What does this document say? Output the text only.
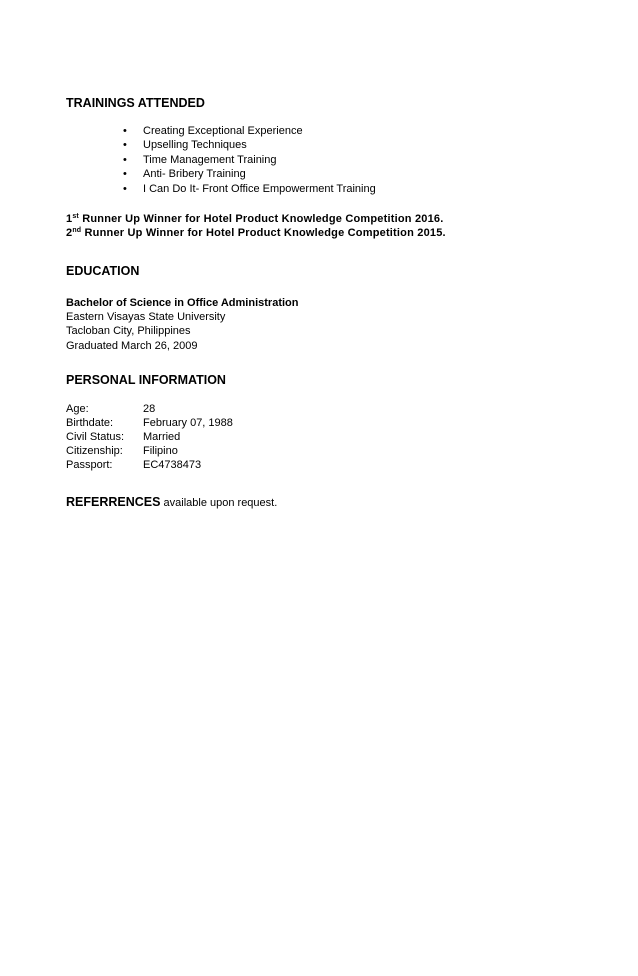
TRAININGS ATTENDED
• Creating Exceptional Experience
• Upselling Techniques
• Time Management Training
• Anti- Bribery Training
• I Can Do It- Front Office Empowerment Training
1st Runner Up Winner for Hotel Product Knowledge Competition 2016.
2nd Runner Up Winner for Hotel Product Knowledge Competition 2015.
EDUCATION
Bachelor of Science in Office Administration
Eastern Visayas State University
Tacloban City, Philippines
Graduated March 26, 2009
PERSONAL INFORMATION
Age:	28
Birthdate:	February 07, 1988
Civil Status: Married
Citizenship: Filipino
Passport:	EC4738473
REFERRENCES available upon request.
